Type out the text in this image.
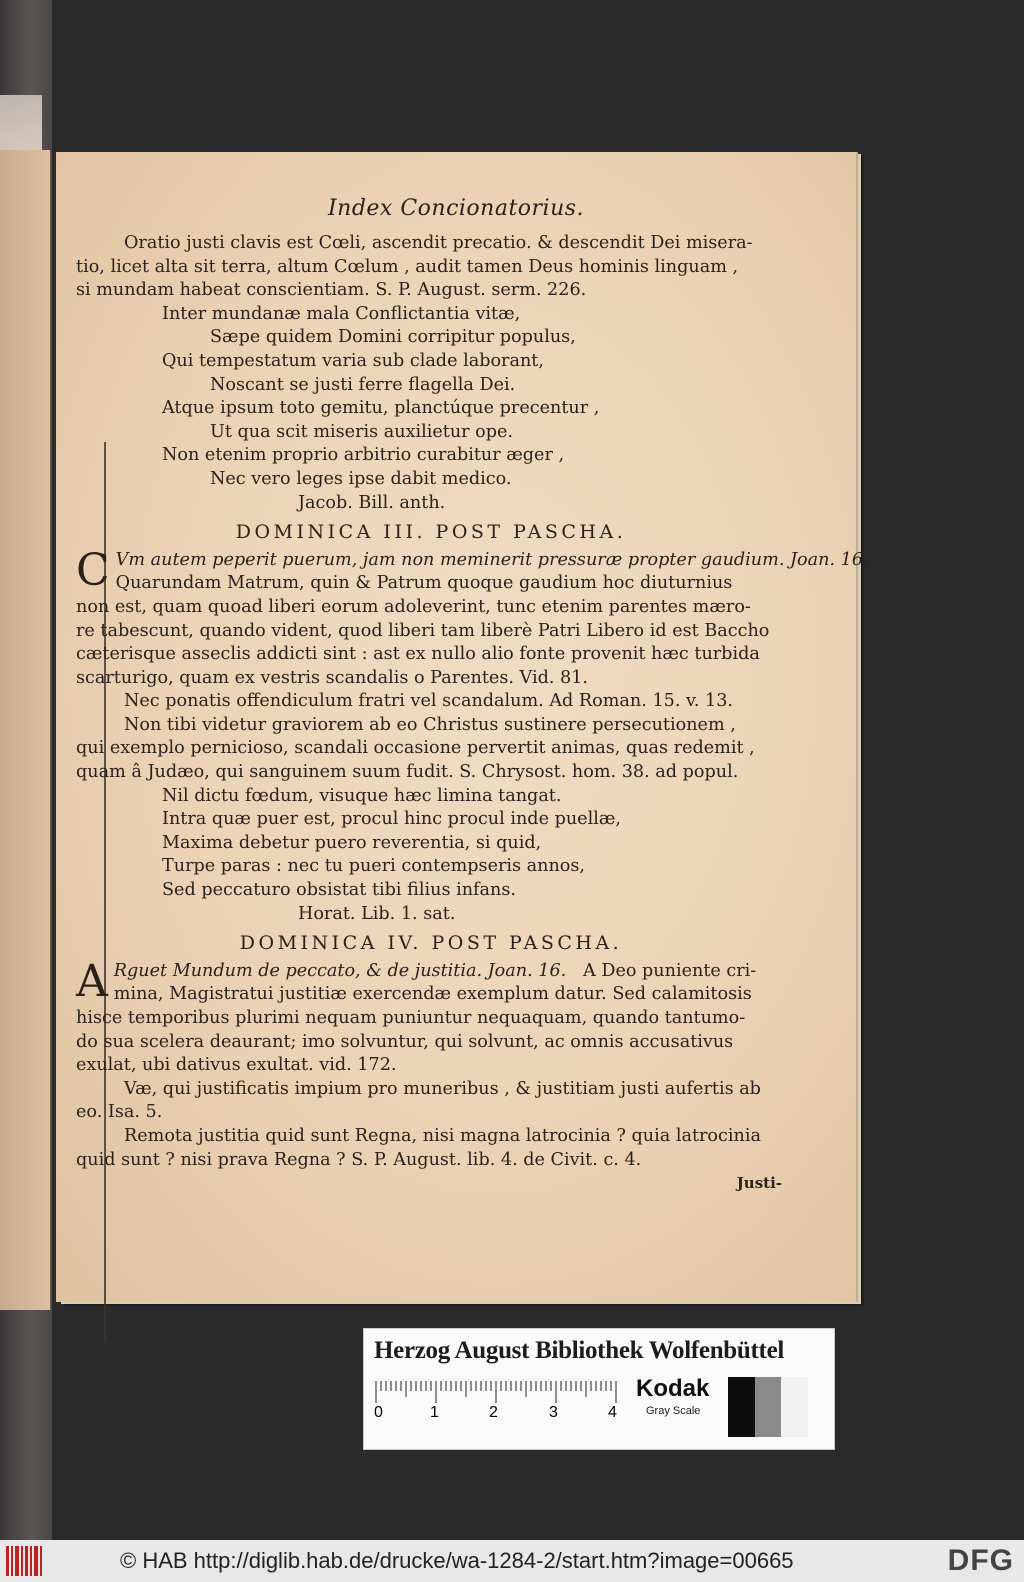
Index Concionatorius.
Oratio justi clavis est Cœli, ascendit precatio. & descendit Dei misera-
tio, licet alta sit terra, altum Cœlum , audit tamen Deus hominis linguam ,
si mundam habeat conscientiam. S. P. August. serm. 226.
Inter mundanæ mala Conflictantia vitæ,
Sæpe quidem Domini corripitur populus,
Qui tempestatum varia sub clade laborant,
Noscant se justi ferre flagella Dei.
Atque ipsum toto gemitu, planctúque precentur ,
Ut qua scit miseris auxilietur ope.
Non etenim proprio arbitrio curabitur æger ,
Nec vero leges ipse dabit medico.
Jacob. Bill. anth.
DOMINICA III. POST PASCHA.
C Vm autem peperit puerum, jam non meminerit pressuræ propter gaudium. Joan. 16.
Quarundam Matrum, quin & Patrum quoque gaudium hoc diuturnius
non est, quam quoad liberi eorum adoleverint, tunc etenim parentes mæro-
re tabescunt, quando vident, quod liberi tam liberè Patri Libero id est Baccho
cæterisque asseclis addicti sint : ast ex nullo alio fonte provenit hæc turbida
scarturigo, quam ex vestris scandalis o Parentes. Vid. 81.
Nec ponatis offendiculum fratri vel scandalum. Ad Roman. 15. v. 13.
Non tibi videtur graviorem ab eo Christus sustinere persecutionem ,
qui exemplo pernicioso, scandali occasione pervertit animas, quas redemit ,
quam â Judæo, qui sanguinem suum fudit. S. Chrysost. hom. 38. ad popul.
Nil dictu fœdum, visuque hæc limina tangat.
Intra quæ puer est, procul hinc procul inde puellæ,
Maxima debetur puero reverentia, si quid,
Turpe paras : nec tu pueri contempseris annos,
Sed peccaturo obsistat tibi filius infans.
Horat. Lib. 1. sat.
DOMINICA IV. POST PASCHA.
A Rguet Mundum de peccato, & de justitia. Joan. 16. A Deo puniente cri-
mina, Magistratui justitiæ exercendæ exemplum datur. Sed calamitosis
hisce temporibus plurimi nequam puniuntur nequaquam, quando tantumo-
do sua scelera deaurant; imo solvuntur, qui solvunt, ac omnis accusativus
exulat, ubi dativus exultat. vid. 172.
Væ, qui justificatis impium pro muneribus , & justitiam justi aufertis ab
eo. Isa. 5.
Remota justitia quid sunt Regna, nisi magna latrocinia ? quia latrocinia
quid sunt ? nisi prava Regna ? S. P. August. lib. 4. de Civit. c. 4.
Justi-
Herzog August Bibliothek Wolfenbüttel
0	1	2	3	4
Kodak
Gray Scale
© HAB http://diglib.hab.de/drucke/wa-1284-2/start.htm?image=00665	DFG
